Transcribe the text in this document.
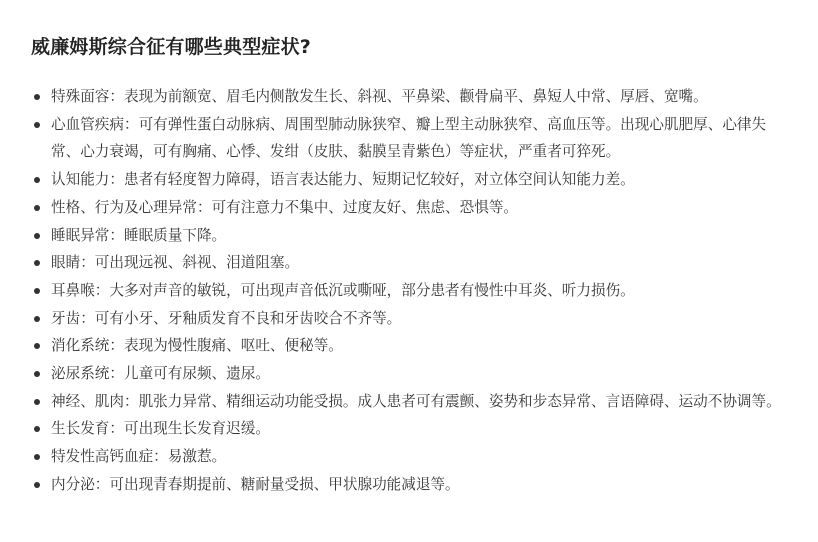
威廉姆斯综合征有哪些典型症状?
特殊面容：表现为前额宽、眉毛内侧散发生长、斜视、平鼻梁、颧骨扁平、鼻短人中常、厚唇、宽嘴。
心血管疾病：可有弹性蛋白动脉病、周围型肺动脉狭窄、瓣上型主动脉狭窄、高血压等。出现心肌肥厚、心律失常、心力衰竭，可有胸痛、心悸、发绀（皮肤、黏膜呈青紫色）等症状，严重者可猝死。
认知能力：患者有轻度智力障碍，语言表达能力、短期记忆较好，对立体空间认知能力差。
性格、行为及心理异常：可有注意力不集中、过度友好、焦虑、恐惧等。
睡眠异常：睡眠质量下降。
眼睛：可出现远视、斜视、泪道阻塞。
耳鼻喉：大多对声音的敏锐，可出现声音低沉或嘶哑，部分患者有慢性中耳炎、听力损伤。
牙齿：可有小牙、牙釉质发育不良和牙齿咬合不齐等。
消化系统：表现为慢性腹痛、呕吐、便秘等。
泌尿系统：儿童可有尿频、遗尿。
神经、肌肉：肌张力异常、精细运动功能受损。成人患者可有震颤、姿势和步态异常、言语障碍、运动不协调等。
生长发育：可出现生长发育迟缓。
特发性高钙血症：易激惹。
内分泌：可出现青春期提前、糖耐量受损、甲状腺功能减退等。
